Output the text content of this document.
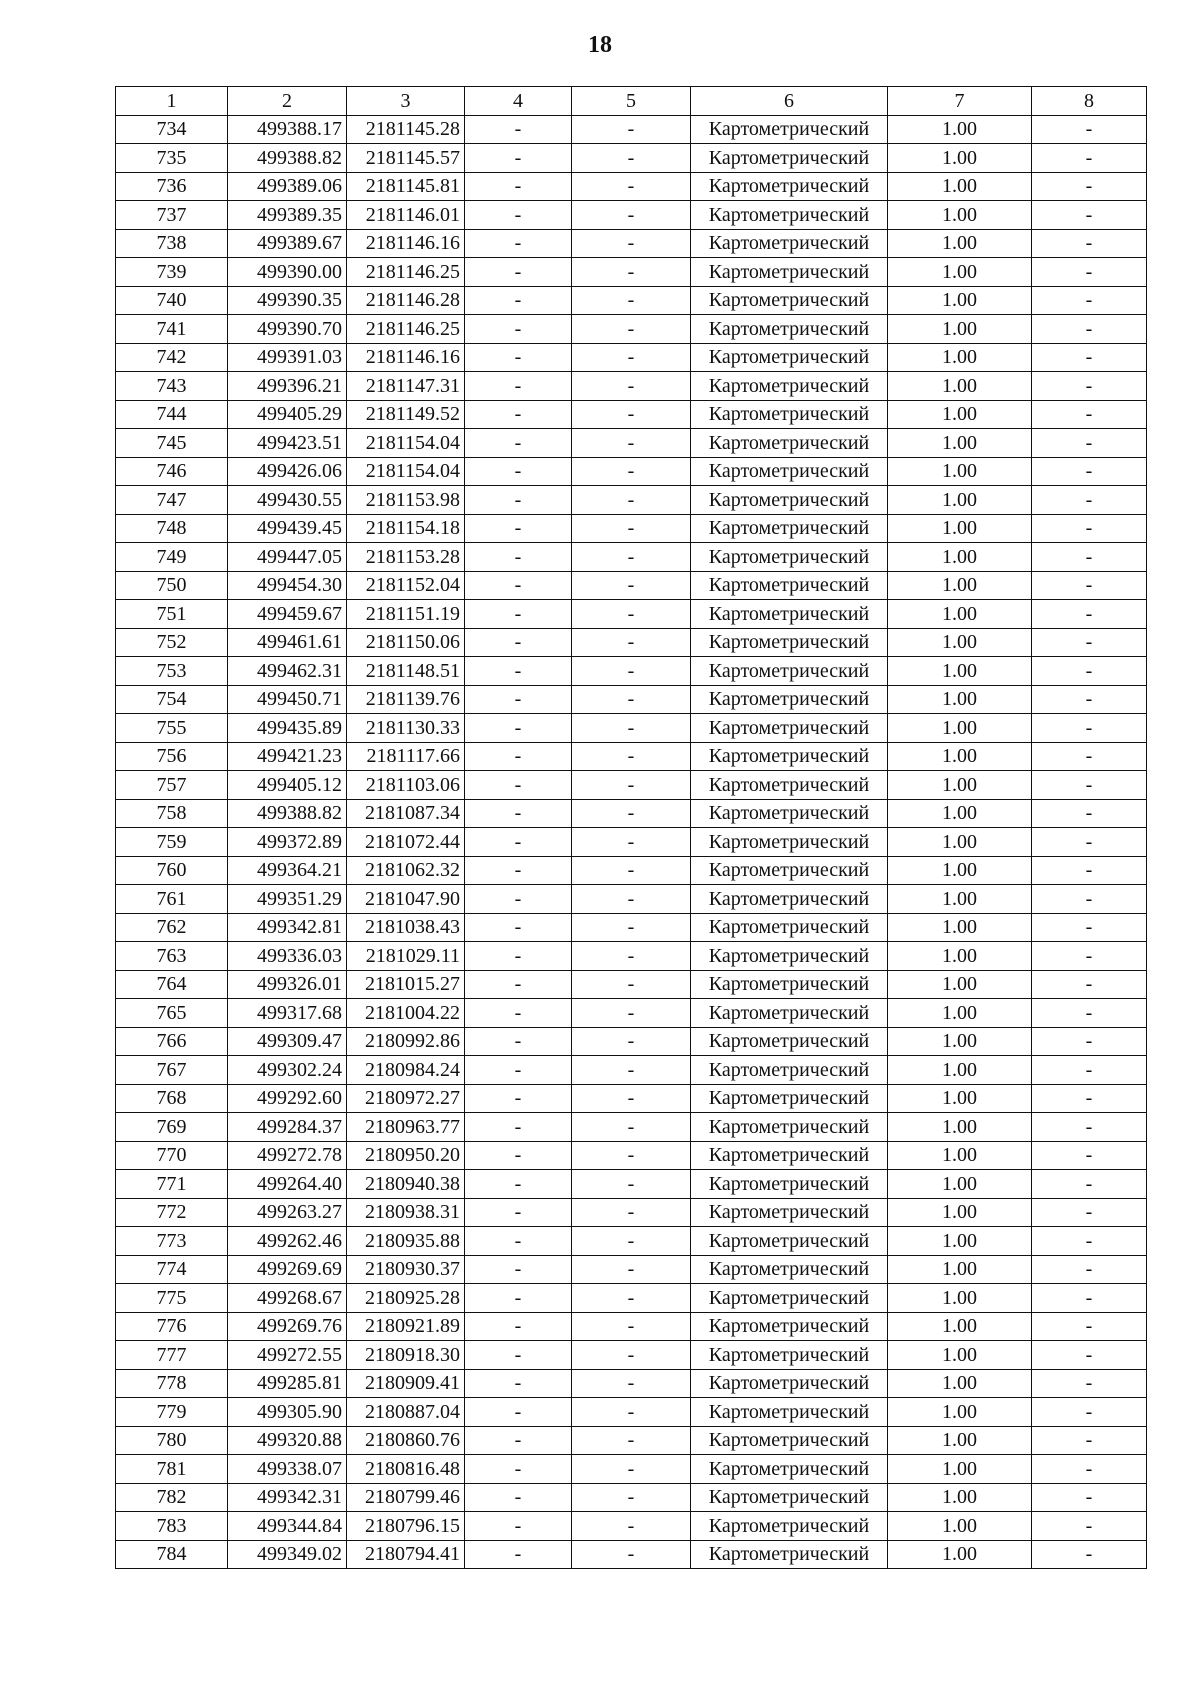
18
1	2	3	4	5	6	7	8
734	499388.17	2181145.28	-	-	Картометрический	1.00	-
735	499388.82	2181145.57	-	-	Картометрический	1.00	-
736	499389.06	2181145.81	-	-	Картометрический	1.00	-
737	499389.35	2181146.01	-	-	Картометрический	1.00	-
738	499389.67	2181146.16	-	-	Картометрический	1.00	-
739	499390.00	2181146.25	-	-	Картометрический	1.00	-
740	499390.35	2181146.28	-	-	Картометрический	1.00	-
741	499390.70	2181146.25	-	-	Картометрический	1.00	-
742	499391.03	2181146.16	-	-	Картометрический	1.00	-
743	499396.21	2181147.31	-	-	Картометрический	1.00	-
744	499405.29	2181149.52	-	-	Картометрический	1.00	-
745	499423.51	2181154.04	-	-	Картометрический	1.00	-
746	499426.06	2181154.04	-	-	Картометрический	1.00	-
747	499430.55	2181153.98	-	-	Картометрический	1.00	-
748	499439.45	2181154.18	-	-	Картометрический	1.00	-
749	499447.05	2181153.28	-	-	Картометрический	1.00	-
750	499454.30	2181152.04	-	-	Картометрический	1.00	-
751	499459.67	2181151.19	-	-	Картометрический	1.00	-
752	499461.61	2181150.06	-	-	Картометрический	1.00	-
753	499462.31	2181148.51	-	-	Картометрический	1.00	-
754	499450.71	2181139.76	-	-	Картометрический	1.00	-
755	499435.89	2181130.33	-	-	Картометрический	1.00	-
756	499421.23	2181117.66	-	-	Картометрический	1.00	-
757	499405.12	2181103.06	-	-	Картометрический	1.00	-
758	499388.82	2181087.34	-	-	Картометрический	1.00	-
759	499372.89	2181072.44	-	-	Картометрический	1.00	-
760	499364.21	2181062.32	-	-	Картометрический	1.00	-
761	499351.29	2181047.90	-	-	Картометрический	1.00	-
762	499342.81	2181038.43	-	-	Картометрический	1.00	-
763	499336.03	2181029.11	-	-	Картометрический	1.00	-
764	499326.01	2181015.27	-	-	Картометрический	1.00	-
765	499317.68	2181004.22	-	-	Картометрический	1.00	-
766	499309.47	2180992.86	-	-	Картометрический	1.00	-
767	499302.24	2180984.24	-	-	Картометрический	1.00	-
768	499292.60	2180972.27	-	-	Картометрический	1.00	-
769	499284.37	2180963.77	-	-	Картометрический	1.00	-
770	499272.78	2180950.20	-	-	Картометрический	1.00	-
771	499264.40	2180940.38	-	-	Картометрический	1.00	-
772	499263.27	2180938.31	-	-	Картометрический	1.00	-
773	499262.46	2180935.88	-	-	Картометрический	1.00	-
774	499269.69	2180930.37	-	-	Картометрический	1.00	-
775	499268.67	2180925.28	-	-	Картометрический	1.00	-
776	499269.76	2180921.89	-	-	Картометрический	1.00	-
777	499272.55	2180918.30	-	-	Картометрический	1.00	-
778	499285.81	2180909.41	-	-	Картометрический	1.00	-
779	499305.90	2180887.04	-	-	Картометрический	1.00	-
780	499320.88	2180860.76	-	-	Картометрический	1.00	-
781	499338.07	2180816.48	-	-	Картометрический	1.00	-
782	499342.31	2180799.46	-	-	Картометрический	1.00	-
783	499344.84	2180796.15	-	-	Картометрический	1.00	-
784	499349.02	2180794.41	-	-	Картометрический	1.00	-
